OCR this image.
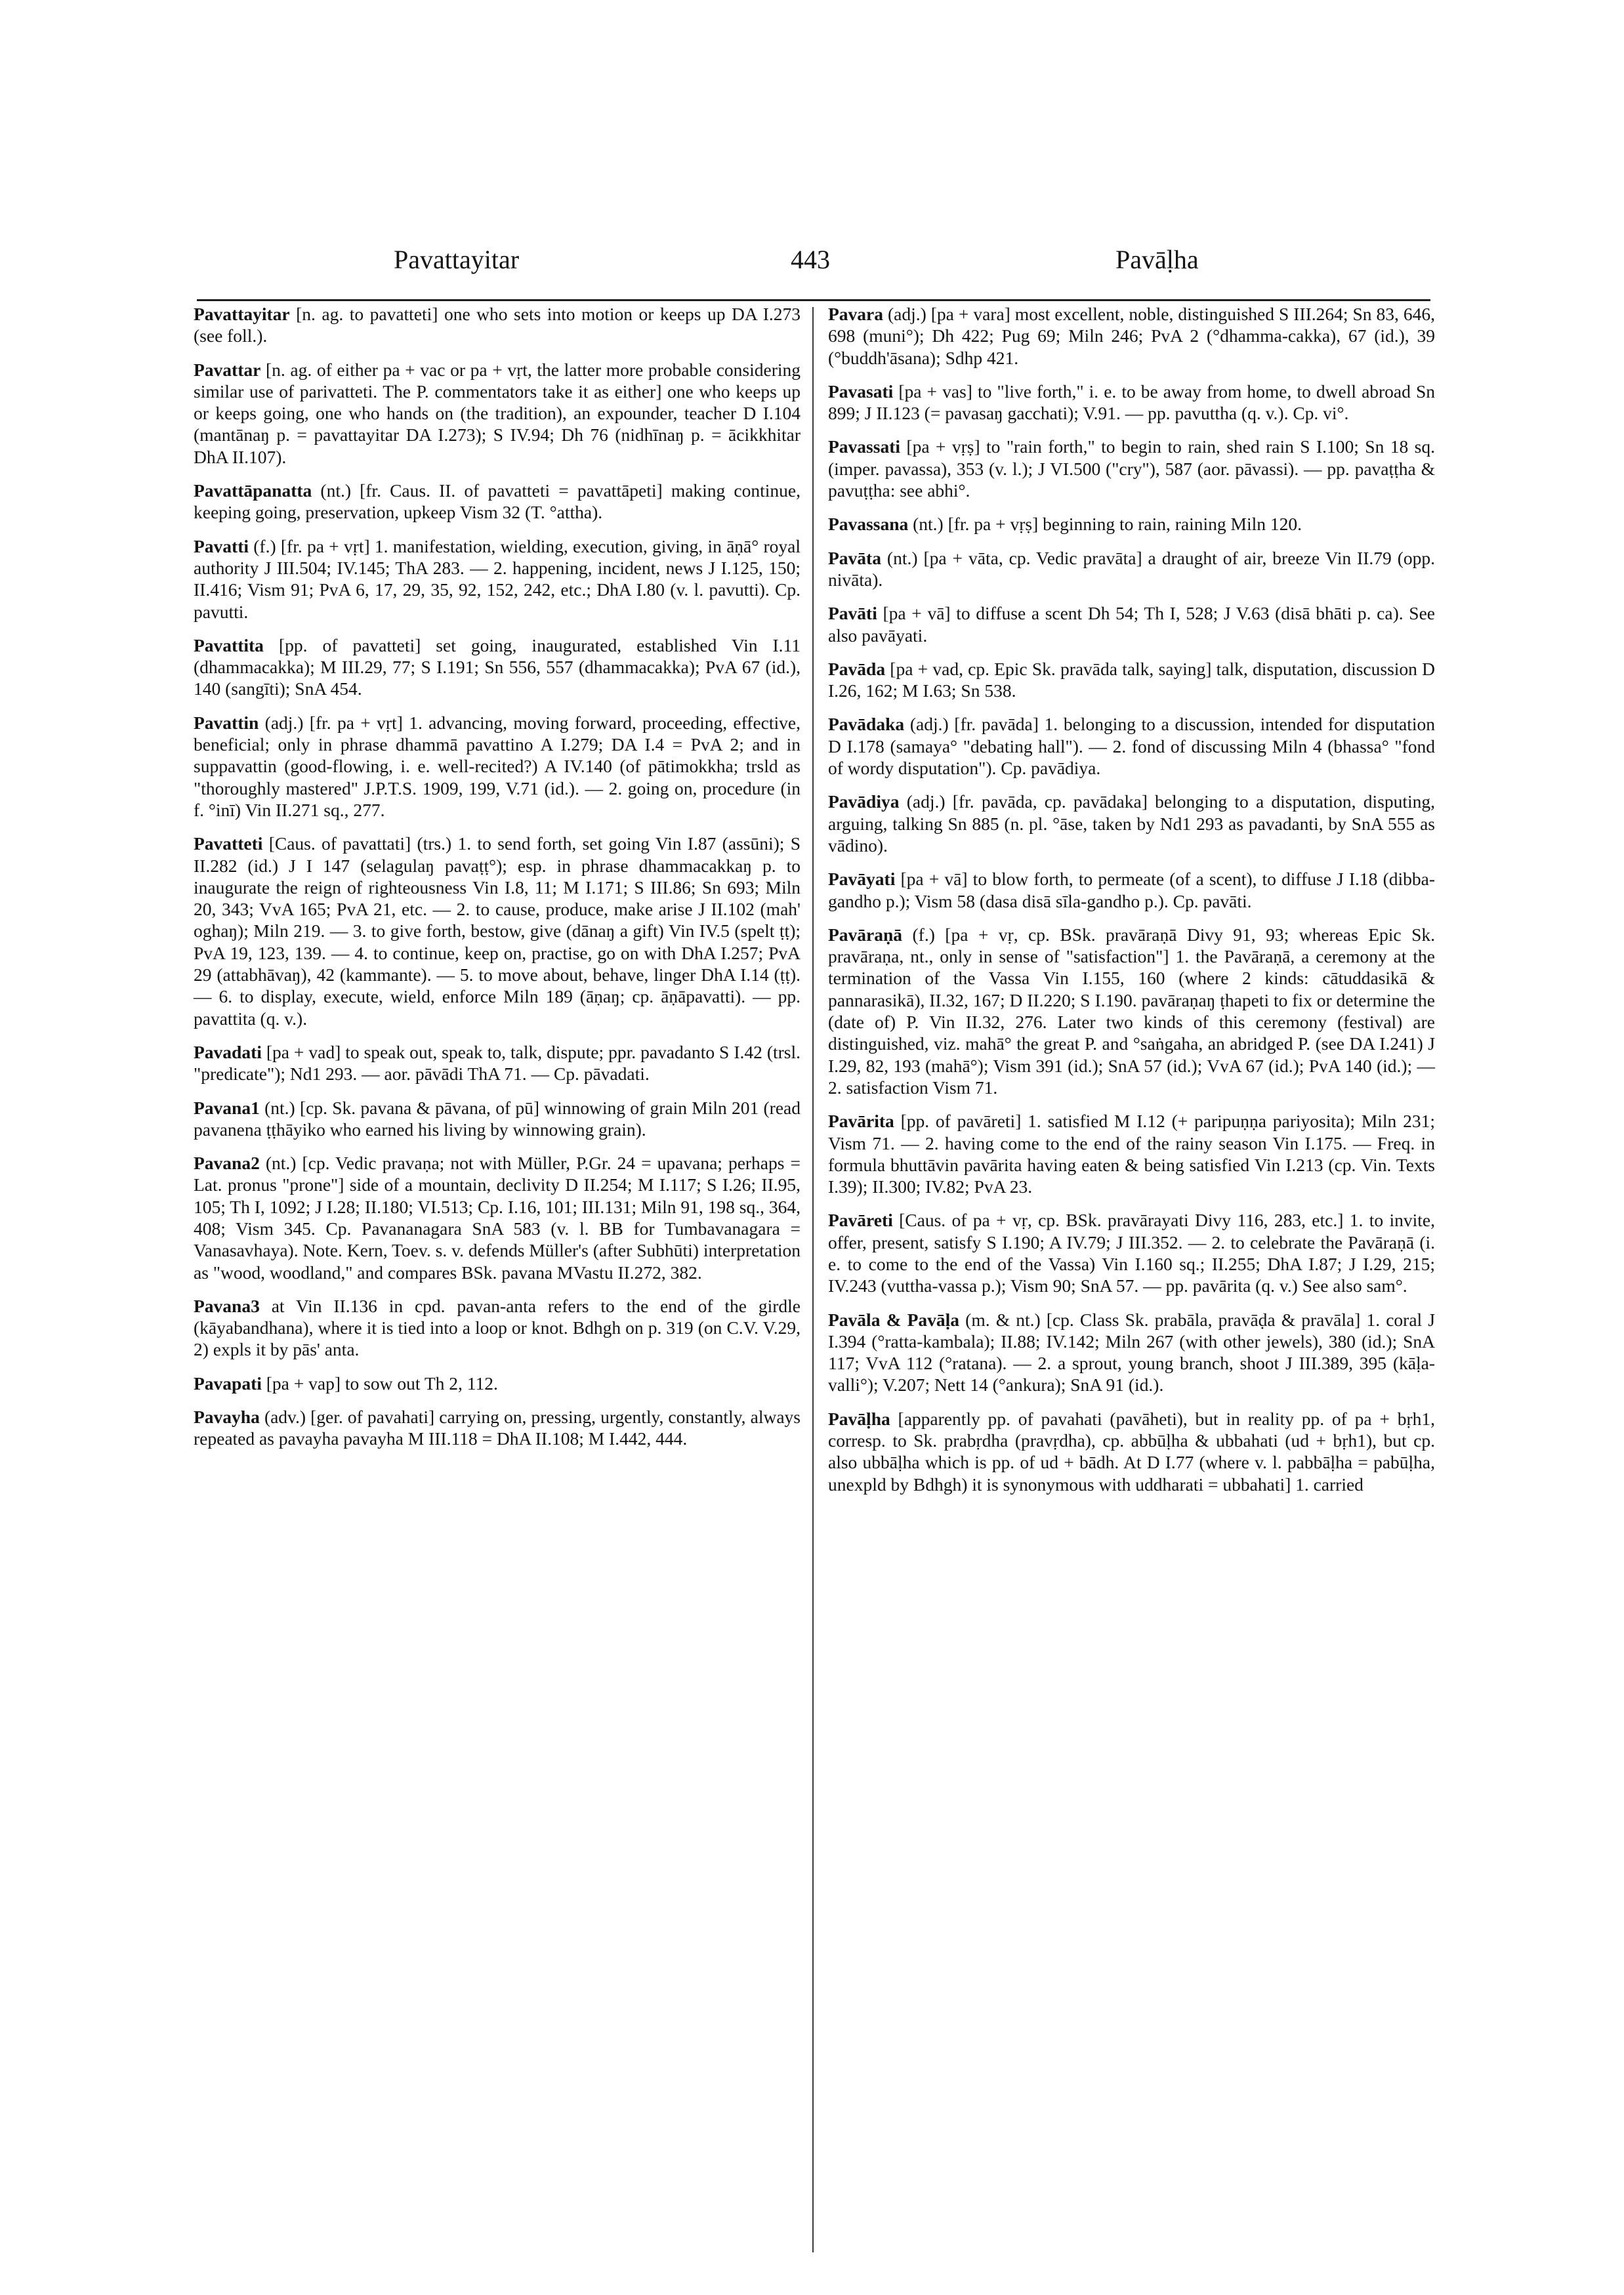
Pavattayitar	443	Pavāḷha

Pavattayitar [n. ag. to pavatteti] one who sets into motion or keeps up DA I.273 (see foll.).

Pavattar [n. ag. of either pa + vac or pa + vṛt, the latter more probable considering similar use of parivatteti. The P. commentators take it as either] one who keeps up or keeps going, one who hands on (the tradition), an expounder, teacher D I.104 (mantānaŋ p. = pavattayitar DA I.273); S IV.94; Dh 76 (nidhīnaŋ p. = ācikkhitar DhA II.107).

Pavattāpanatta (nt.) [fr. Caus. II. of pavatteti = pavattāpeti] making continue, keeping going, preservation, upkeep Vism 32 (T. °attha).

Pavatti (f.) [fr. pa + vṛt] 1. manifestation, wielding, execution, giving, in āṇā° royal authority J III.504; IV.145; ThA 283. — 2. happening, incident, news J I.125, 150; II.416; Vism 91; PvA 6, 17, 29, 35, 92, 152, 242, etc.; DhA I.80 (v. l. pavutti). Cp. pavutti.

Pavattita [pp. of pavatteti] set going, inaugurated, established Vin I.11 (dhammacakka); M III.29, 77; S I.191; Sn 556, 557 (dhammacakka); PvA 67 (id.), 140 (sangīti); SnA 454.

Pavattin (adj.) [fr. pa + vṛt] 1. advancing, moving forward, proceeding, effective, beneficial; only in phrase dhammā pavattino A I.279; DA I.4 = PvA 2; and in suppavattin (good-flowing, i. e. well-recited?) A IV.140 (of pātimokkha; trsld as "thoroughly mastered" J.P.T.S. 1909, 199, V.71 (id.). — 2. going on, procedure (in f. °inī) Vin II.271 sq., 277.

Pavatteti [Caus. of pavattati] (trs.) 1. to send forth, set going Vin I.87 (assūni); S II.282 (id.) J I 147 (selagulaŋ pavaṭṭ°); esp. in phrase dhammacakkaŋ p. to inaugurate the reign of righteousness Vin I.8, 11; M I.171; S III.86; Sn 693; Miln 20, 343; VvA 165; PvA 21, etc. — 2. to cause, produce, make arise J II.102 (mah' oghaŋ); Miln 219. — 3. to give forth, bestow, give (dānaŋ a gift) Vin IV.5 (spelt ṭṭ); PvA 19, 123, 139. — 4. to continue, keep on, practise, go on with DhA I.257; PvA 29 (attabhāvaŋ), 42 (kammante). — 5. to move about, behave, linger DhA I.14 (ṭṭ). — 6. to display, execute, wield, enforce Miln 189 (āṇaŋ; cp. āṇāpavatti). — pp. pavattita (q. v.).

Pavadati [pa + vad] to speak out, speak to, talk, dispute; ppr. pavadanto S I.42 (trsl. "predicate"); Nd1 293. — aor. pāvādi ThA 71. — Cp. pāvadati.

Pavana1 (nt.) [cp. Sk. pavana & pāvana, of pū] winnowing of grain Miln 201 (read pavanena ṭṭhāyiko who earned his living by winnowing grain).

Pavana2 (nt.) [cp. Vedic pravaṇa; not with Müller, P.Gr. 24 = upavana; perhaps = Lat. pronus "prone"] side of a mountain, declivity D II.254; M I.117; S I.26; II.95, 105; Th I, 1092; J I.28; II.180; VI.513; Cp. I.16, 101; III.131; Miln 91, 198 sq., 364, 408; Vism 345. Cp. Pavananagara SnA 583 (v. l. BB for Tumbavanagara = Vanasavhaya). Note. Kern, Toev. s. v. defends Müller's (after Subhūti) interpretation as "wood, woodland," and compares BSk. pavana MVastu II.272, 382.

Pavana3 at Vin II.136 in cpd. pavan-anta refers to the end of the girdle (kāyabandhana), where it is tied into a loop or knot. Bdhgh on p. 319 (on C.V. V.29, 2) expls it by pās' anta.

Pavapati [pa + vap] to sow out Th 2, 112.

Pavayha (adv.) [ger. of pavahati] carrying on, pressing, urgently, constantly, always repeated as pavayha pavayha M III.118 = DhA II.108; M I.442, 444.

Pavara (adj.) [pa + vara] most excellent, noble, distinguished S III.264; Sn 83, 646, 698 (muni°); Dh 422; Pug 69; Miln 246; PvA 2 (°dhamma-cakka), 67 (id.), 39 (°buddh'āsana); Sdhp 421.

Pavasati [pa + vas] to "live forth," i. e. to be away from home, to dwell abroad Sn 899; J II.123 (= pavasaŋ gacchati); V.91. — pp. pavuttha (q. v.). Cp. vi°.

Pavassati [pa + vṛṣ] to "rain forth," to begin to rain, shed rain S I.100; Sn 18 sq. (imper. pavassa), 353 (v. l.); J VI.500 ("cry"), 587 (aor. pāvassi). — pp. pavaṭṭha & pavuṭṭha: see abhi°.

Pavassana (nt.) [fr. pa + vṛṣ] beginning to rain, raining Miln 120.

Pavāta (nt.) [pa + vāta, cp. Vedic pravāta] a draught of air, breeze Vin II.79 (opp. nivāta).

Pavāti [pa + vā] to diffuse a scent Dh 54; Th I, 528; J V.63 (disā bhāti p. ca). See also pavāyati.

Pavāda [pa + vad, cp. Epic Sk. pravāda talk, saying] talk, disputation, discussion D I.26, 162; M I.63; Sn 538.

Pavādaka (adj.) [fr. pavāda] 1. belonging to a discussion, intended for disputation D I.178 (samaya° "debating hall"). — 2. fond of discussing Miln 4 (bhassa° "fond of wordy disputation"). Cp. pavādiya.

Pavādiya (adj.) [fr. pavāda, cp. pavādaka] belonging to a disputation, disputing, arguing, talking Sn 885 (n. pl. °āse, taken by Nd1 293 as pavadanti, by SnA 555 as vādino).

Pavāyati [pa + vā] to blow forth, to permeate (of a scent), to diffuse J I.18 (dibba-gandho p.); Vism 58 (dasa disā sīla-gandho p.). Cp. pavāti.

Pavāraṇā (f.) [pa + vṛ, cp. BSk. pravāraṇā Divy 91, 93; whereas Epic Sk. pravāraṇa, nt., only in sense of "satisfaction"] 1. the Pavāraṇā, a ceremony at the termination of the Vassa Vin I.155, 160 (where 2 kinds: cātuddasikā & pannarasikā), II.32, 167; D II.220; S I.190. pavāraṇaŋ ṭhapeti to fix or determine the (date of) P. Vin II.32, 276. Later two kinds of this ceremony (festival) are distinguished, viz. mahā° the great P. and °saṅgaha, an abridged P. (see DA I.241) J I.29, 82, 193 (mahā°); Vism 391 (id.); SnA 57 (id.); VvA 67 (id.); PvA 140 (id.); — 2. satisfaction Vism 71.

Pavārita [pp. of pavāreti] 1. satisfied M I.12 (+ paripuṇṇa pariyosita); Miln 231; Vism 71. — 2. having come to the end of the rainy season Vin I.175. — Freq. in formula bhuttāvin pavārita having eaten & being satisfied Vin I.213 (cp. Vin. Texts I.39); II.300; IV.82; PvA 23.

Pavāreti [Caus. of pa + vṛ, cp. BSk. pravārayati Divy 116, 283, etc.] 1. to invite, offer, present, satisfy S I.190; A IV.79; J III.352. — 2. to celebrate the Pavāraṇā (i. e. to come to the end of the Vassa) Vin I.160 sq.; II.255; DhA I.87; J I.29, 215; IV.243 (vuttha-vassa p.); Vism 90; SnA 57. — pp. pavārita (q. v.) See also sam°.

Pavāla & Pavāḷa (m. & nt.) [cp. Class Sk. prabāla, pravāḍa & pravāla] 1. coral J I.394 (°ratta-kambala); II.88; IV.142; Miln 267 (with other jewels), 380 (id.); SnA 117; VvA 112 (°ratana). — 2. a sprout, young branch, shoot J III.389, 395 (kāḷa-valli°); V.207; Nett 14 (°ankura); SnA 91 (id.).

Pavāḷha [apparently pp. of pavahati (pavāheti), but in reality pp. of pa + bṛh1, corresp. to Sk. prabṛdha (pravṛdha), cp. abbūḷha & ubbahati (ud + bṛh1), but cp. also ubbāḷha which is pp. of ud + bādh. At D I.77 (where v. l. pabbāḷha = pabūḷha, unexpld by Bdhgh) it is synonymous with uddharati = ubbahati] 1. carried
